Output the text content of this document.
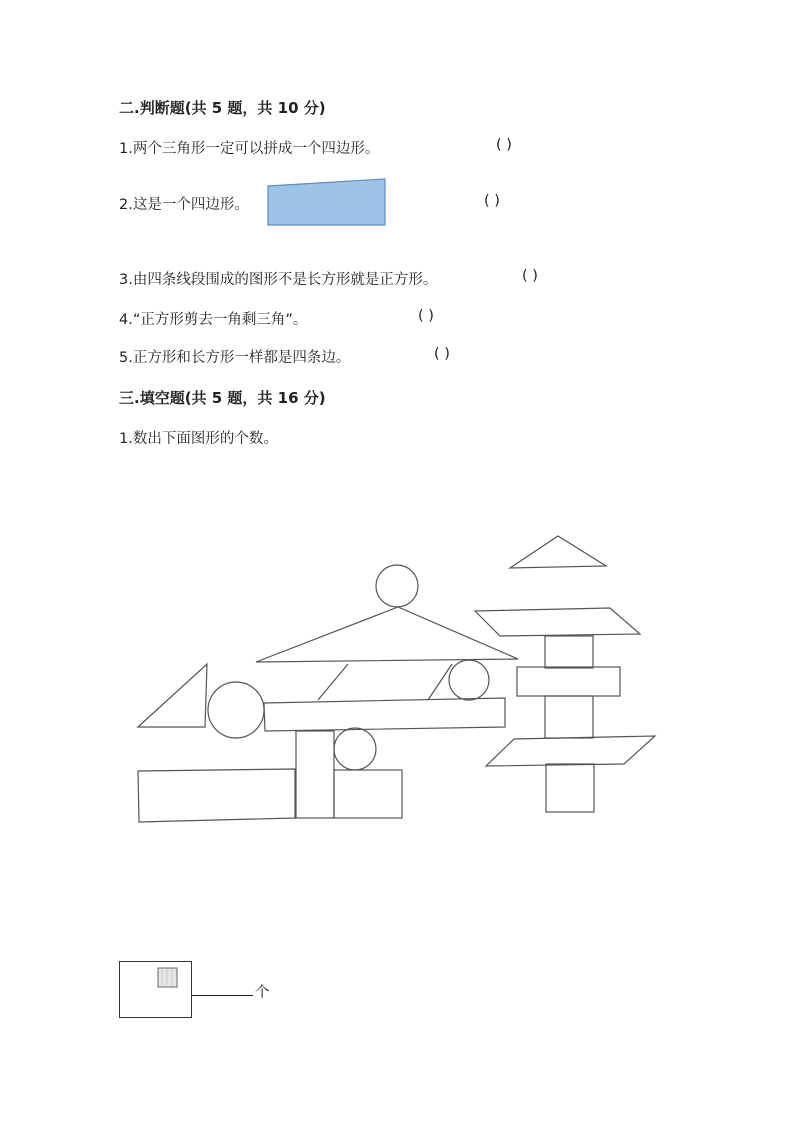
二.判断题(共 5 题，共 10 分)
1.两个三角形一定可以拼成一个四边形。	( )
2.这是一个四边形。	( )
3.由四条线段围成的图形不是长方形就是正方形。	( )
4.“正方形剪去一角剩三角”。	( )
5.正方形和长方形一样都是四条边。	( )
三.填空题(共 5 题，共 16 分)
1.数出下面图形的个数。
个
